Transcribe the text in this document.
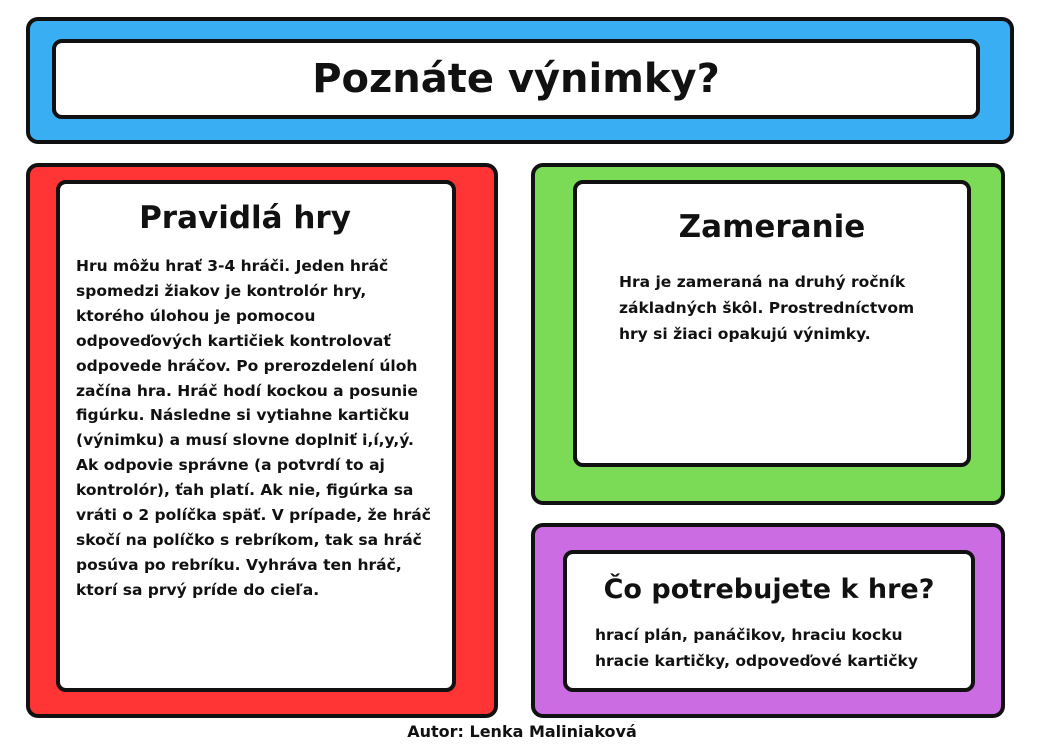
Poznáte výnimky?
Pravidlá hry
Hru môžu hrať 3-4 hráči. Jeden hráč spomedzi žiakov je kontrolór hry, ktorého úlohou je pomocou odpoveďových kartičiek kontrolovať odpovede hráčov. Po prerozdelení úloh začína hra. Hráč hodí kockou a posunie figúrku. Následne si vytiahne kartičku (výnimku) a musí slovne doplniť i,í,y,ý. Ak odpovie správne (a potvrdí to aj kontrolór), ťah platí. Ak nie, figúrka sa vráti o 2 políčka späť. V prípade, že hráč skočí na políčko s rebríkom, tak sa hráč posúva po rebríku. Vyhráva ten hráč, ktorí sa prvý príde do cieľa.
Zameranie
Hra je zameraná na druhý ročník základných škôl. Prostredníctvom hry si žiaci opakujú výnimky.
Čo potrebujete k hre?
hrací plán, panáčikov, hraciu kocku
hracie kartičky, odpoveďové kartičky
Autor: Lenka Maliniaková
